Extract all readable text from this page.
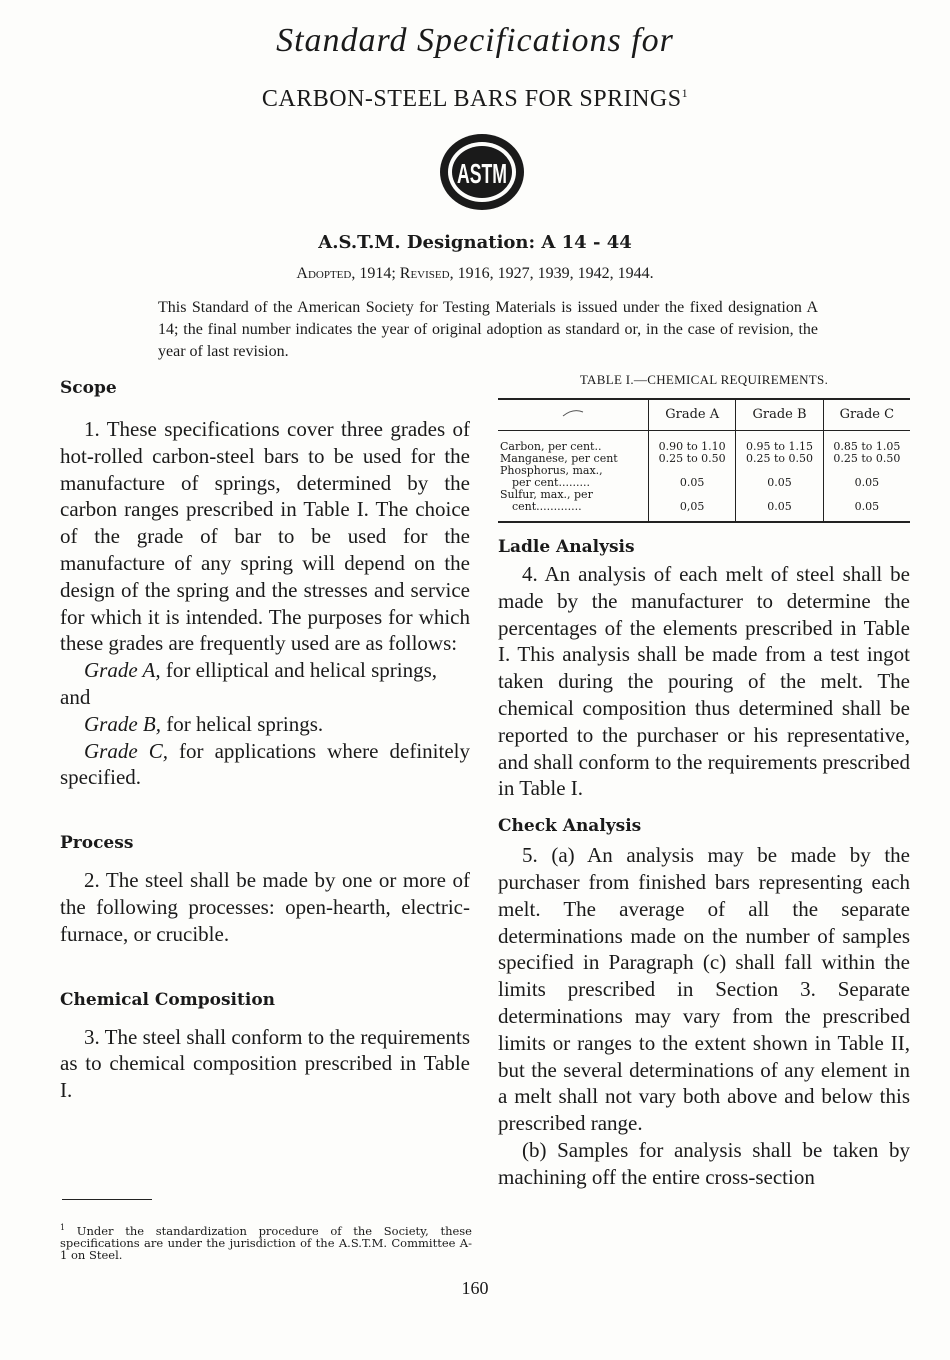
Standard Specifications for
CARBON-STEEL BARS FOR SPRINGS$^1$
ASTM
A.S.T.M. Designation: A 14 - 44
Adopted, 1914; Revised, 1916, 1927, 1939, 1942, 1944.
This Standard of the American Society for Testing Materials is issued under the fixed designation A 14; the final number indicates the year of original adoption as standard or, in the case of revision, the year of last revision.
Scope

1. These specifications cover three grades of hot-rolled carbon-steel bars to be used for the manufacture of springs, determined by the carbon ranges prescribed in Table I. The choice of the grade of bar to be used for the manufacture of any spring will depend on the design of the spring and the stresses and service for which it is intended. The purposes for which these grades are frequently used are as follows:

Grade A, for elliptical and helical springs, and

Grade B, for helical springs.

Grade C, for applications where definitely specified.

Process

2. The steel shall be made by one or more of the following processes: open-hearth, electric-furnace, or crucible.

Chemical Composition

3. The steel shall conform to the requirements as to chemical composition prescribed in Table I.

TABLE I.—CHEMICAL REQUIREMENTS.
	Grade A	Grade B	Grade C
Carbon, per cent..	0.90 to 1.10	0.95 to 1.15	0.85 to 1.05
Manganese, per cent	0.25 to 0.50	0.25 to 0.50	0.25 to 0.50
Phosphorus, max.,
per cent.........	0.05	0.05	0.05
Sulfur, max., per
cent.............	0,05	0.05	0.05
Ladle Analysis

4. An analysis of each melt of steel shall be made by the manufacturer to determine the percentages of the elements prescribed in Table I. This analysis shall be made from a test ingot taken during the pouring of the melt. The chemical composition thus determined shall be reported to the purchaser or his representative, and shall conform to the requirements prescribed in Table I.

Check Analysis

5. (a) An analysis may be made by the purchaser from finished bars representing each melt. The average of all the separate determinations made on the number of samples specified in Paragraph (c) shall fall within the limits prescribed in Section 3. Separate determinations may vary from the prescribed limits or ranges to the extent shown in Table II, but the several determinations of any element in a melt shall not vary both above and below this prescribed range.

(b) Samples for analysis shall be taken by machining off the entire cross-section

$^1$ Under the standardization procedure of the Society, these specifications are under the jurisdiction of the A.S.T.M. Committee A-1 on Steel.
160
